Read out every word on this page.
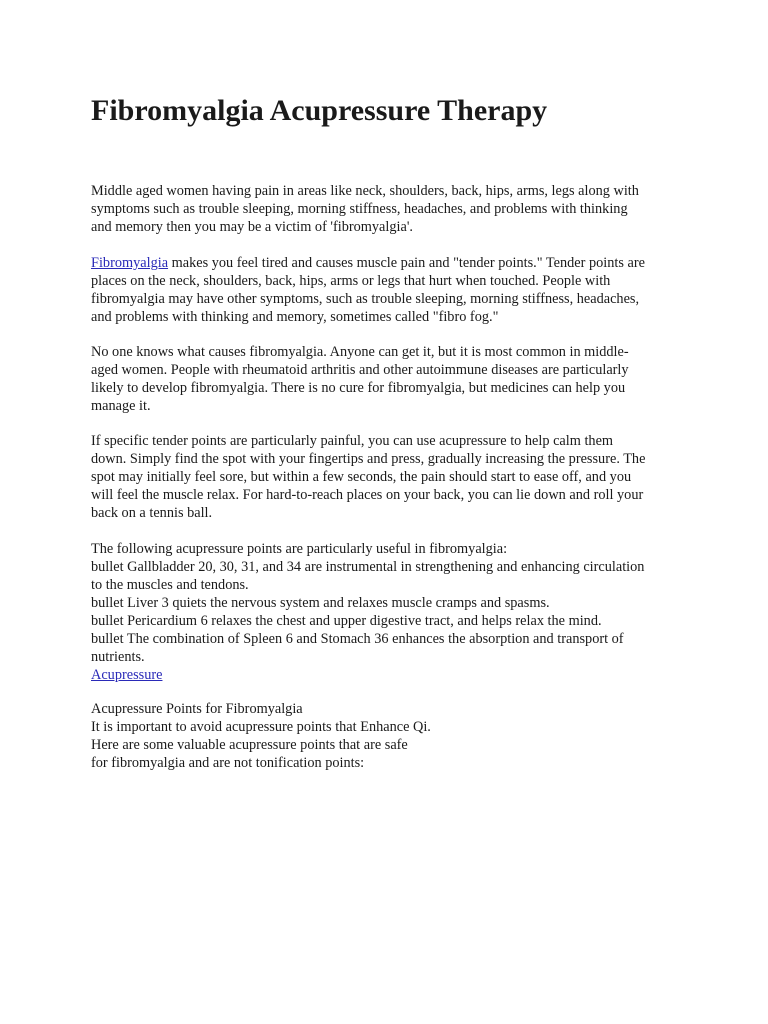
Fibromyalgia Acupressure Therapy
Middle aged women having pain in areas like neck, shoulders, back, hips, arms, legs along with
symptoms such as trouble sleeping, morning stiffness, headaches, and problems with thinking
and memory then you may be a victim of 'fibromyalgia'.
Fibromyalgia makes you feel tired and causes muscle pain and "tender points." Tender points are
places on the neck, shoulders, back, hips, arms or legs that hurt when touched. People with
fibromyalgia may have other symptoms, such as trouble sleeping, morning stiffness, headaches,
and problems with thinking and memory, sometimes called "fibro fog."
No one knows what causes fibromyalgia. Anyone can get it, but it is most common in middle-
aged women. People with rheumatoid arthritis and other autoimmune diseases are particularly
likely to develop fibromyalgia. There is no cure for fibromyalgia, but medicines can help you
manage it.
If specific tender points are particularly painful, you can use acupressure to help calm them
down. Simply find the spot with your fingertips and press, gradually increasing the pressure. The
spot may initially feel sore, but within a few seconds, the pain should start to ease off, and you
will feel the muscle relax. For hard-to-reach places on your back, you can lie down and roll your
back on a tennis ball.
The following acupressure points are particularly useful in fibromyalgia:
bullet Gallbladder 20, 30, 31, and 34 are instrumental in strengthening and enhancing circulation
to the muscles and tendons.
bullet Liver 3 quiets the nervous system and relaxes muscle cramps and spasms.
bullet Pericardium 6 relaxes the chest and upper digestive tract, and helps relax the mind.
bullet The combination of Spleen 6 and Stomach 36 enhances the absorption and transport of
nutrients.
Acupressure
Acupressure Points for Fibromyalgia
It is important to avoid acupressure points that Enhance Qi.
Here are some valuable acupressure points that are safe
for fibromyalgia and are not tonification points:
